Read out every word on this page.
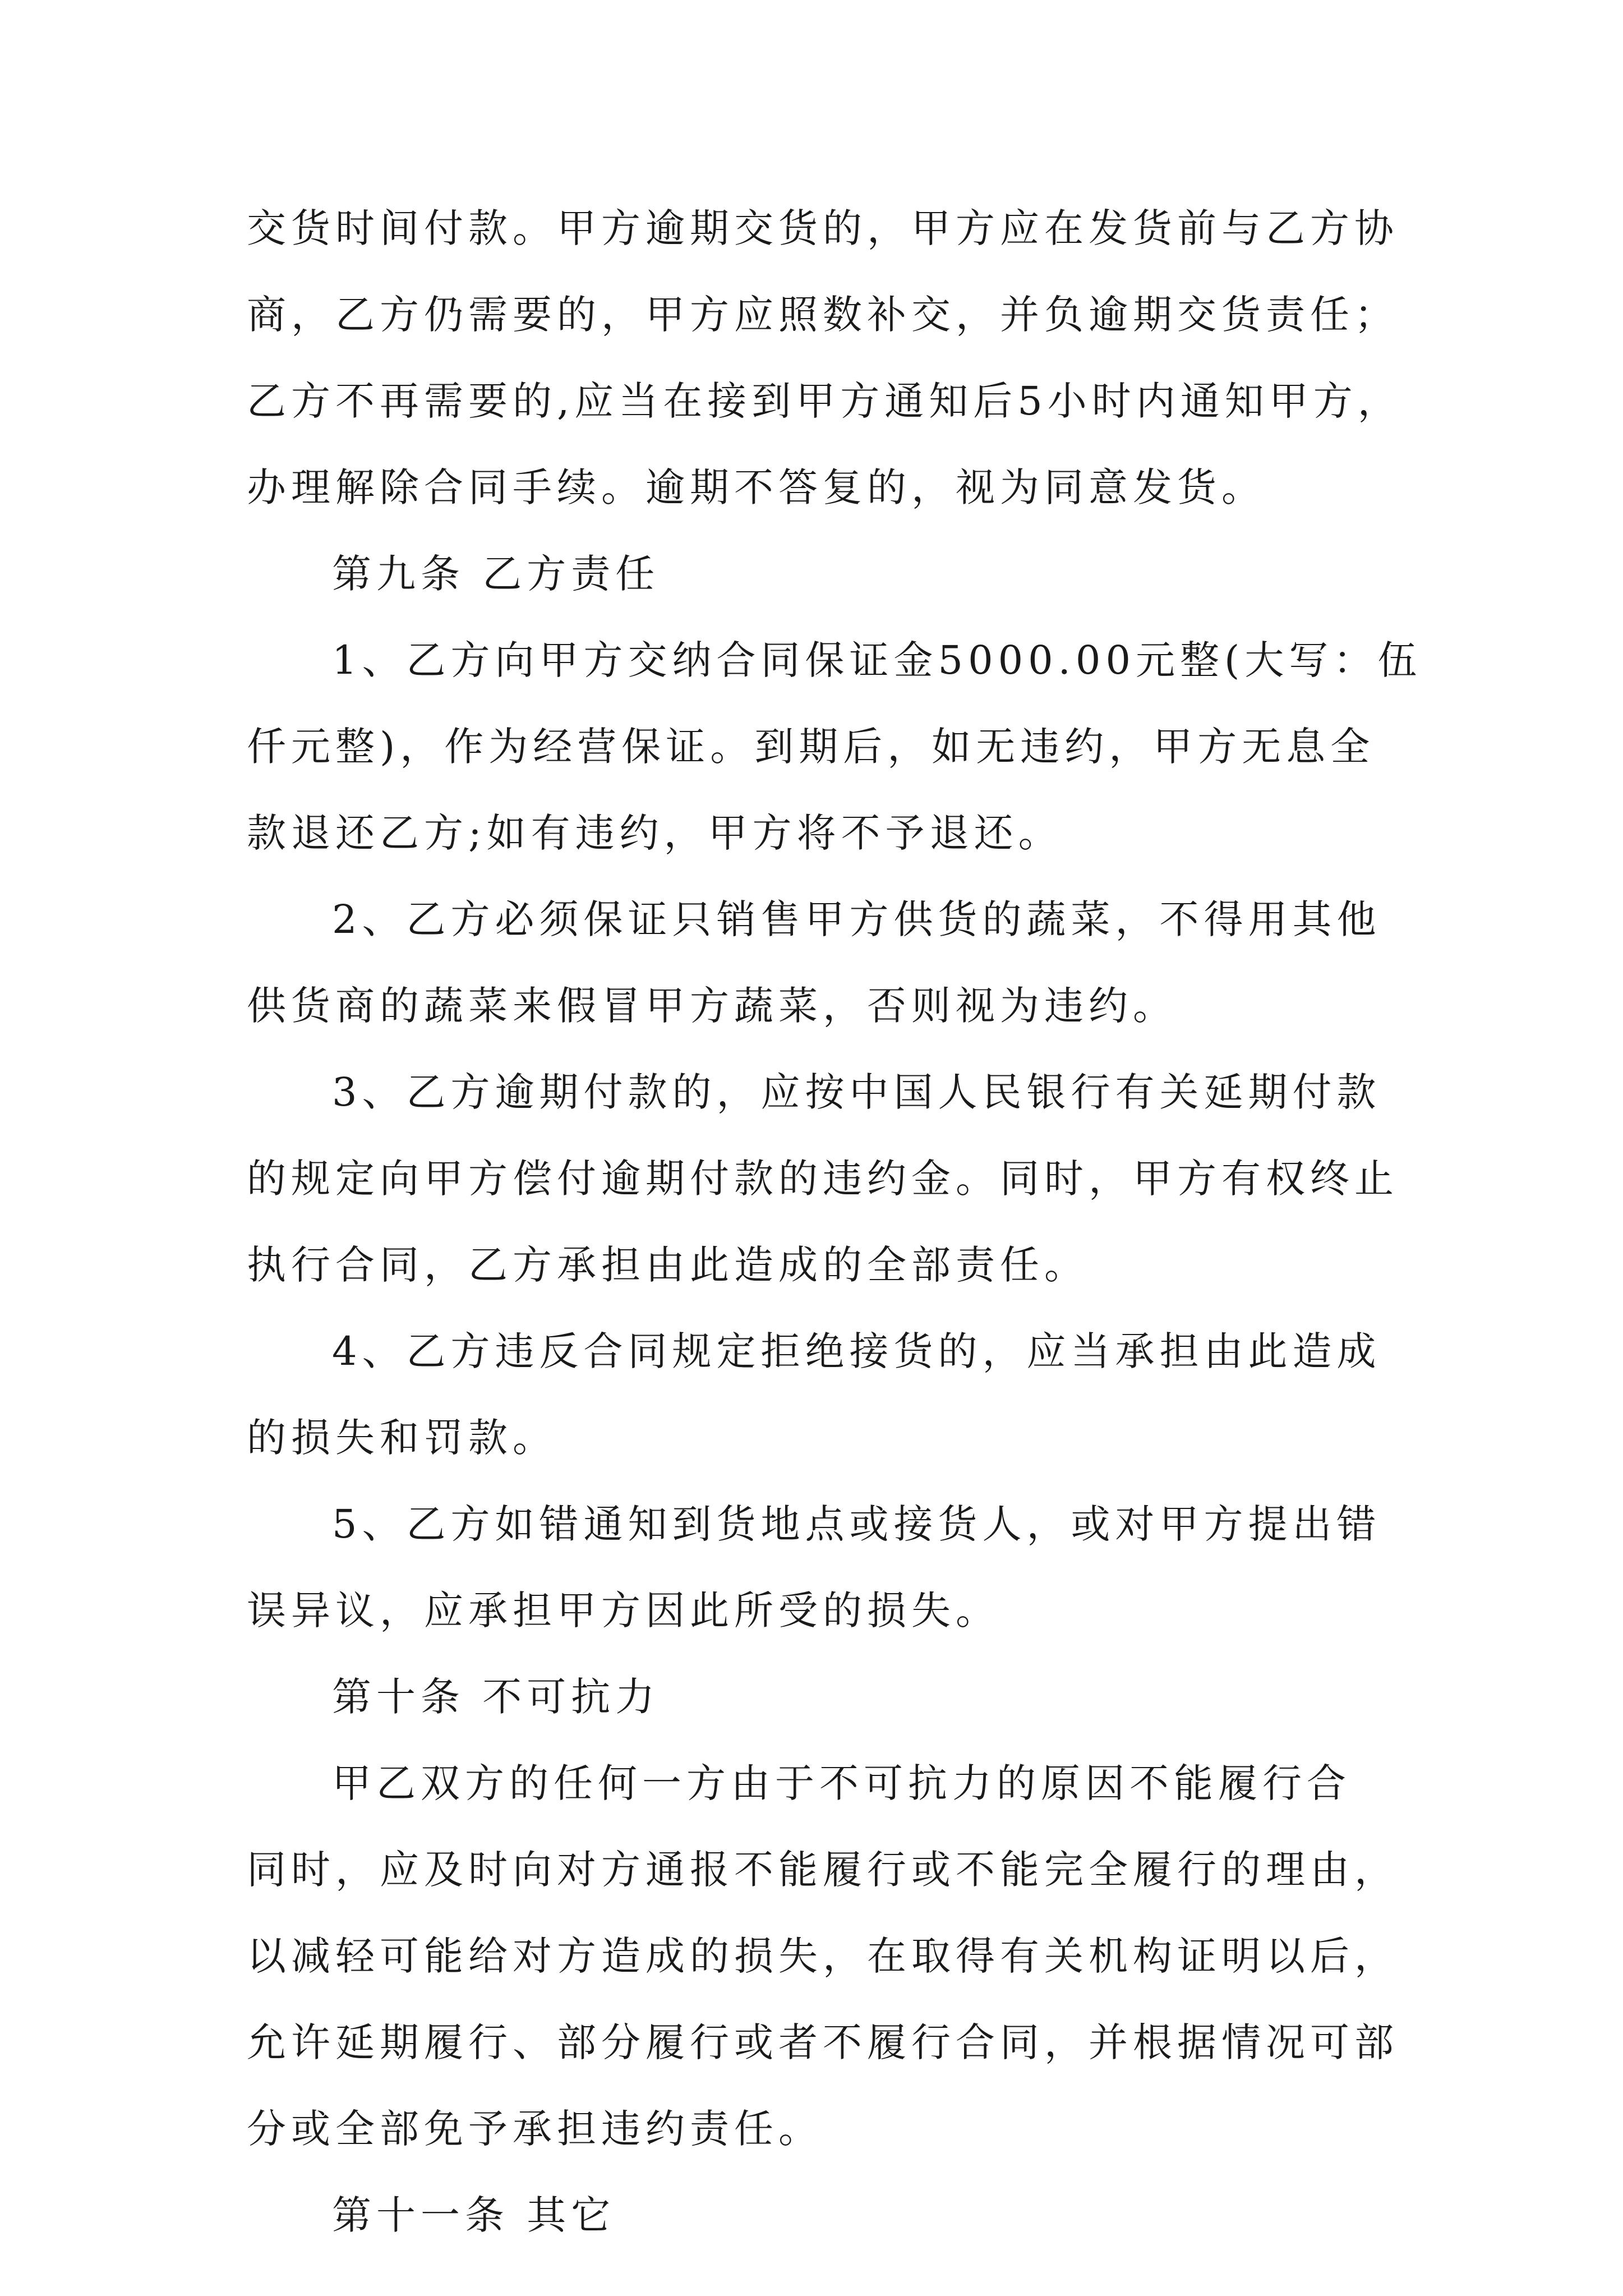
交货时间付款。甲方逾期交货的，甲方应在发货前与乙方协
商，乙方仍需要的，甲方应照数补交，并负逾期交货责任；
乙方不再需要的,应当在接到甲方通知后5小时内通知甲方，
办理解除合同手续。逾期不答复的，视为同意发货。
第九条 乙方责任
1、乙方向甲方交纳合同保证金5000.00元整(大写：伍
仟元整)，作为经营保证。到期后，如无违约，甲方无息全
款退还乙方;如有违约，甲方将不予退还。
2、乙方必须保证只销售甲方供货的蔬菜，不得用其他
供货商的蔬菜来假冒甲方蔬菜，否则视为违约。
3、乙方逾期付款的，应按中国人民银行有关延期付款
的规定向甲方偿付逾期付款的违约金。同时，甲方有权终止
执行合同，乙方承担由此造成的全部责任。
4、乙方违反合同规定拒绝接货的，应当承担由此造成
的损失和罚款。
5、乙方如错通知到货地点或接货人，或对甲方提出错
误异议，应承担甲方因此所受的损失。
第十条 不可抗力
甲乙双方的任何一方由于不可抗力的原因不能履行合
同时，应及时向对方通报不能履行或不能完全履行的理由，
以减轻可能给对方造成的损失，在取得有关机构证明以后，
允许延期履行、部分履行或者不履行合同，并根据情况可部
分或全部免予承担违约责任。
第十一条 其它
